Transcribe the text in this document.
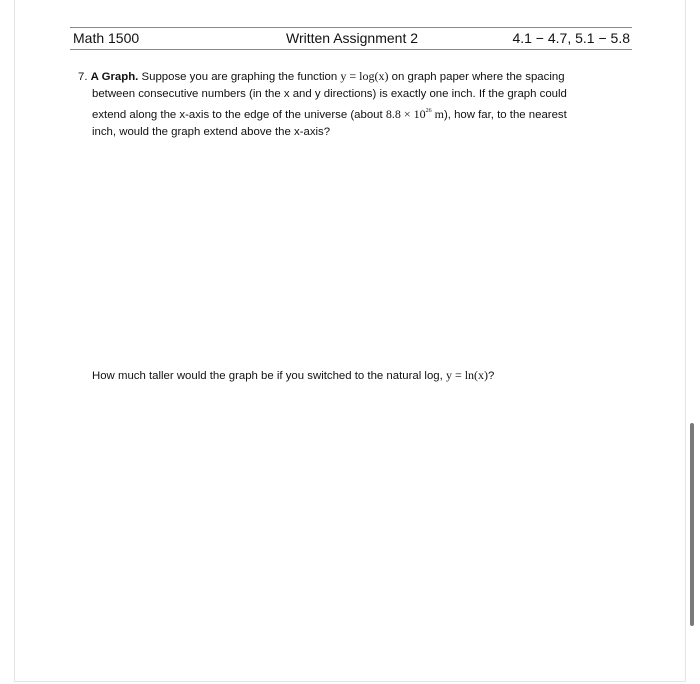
Math 1500	Written Assignment 2	4.1 − 4.7, 5.1 − 5.8
7. A Graph. Suppose you are graphing the function y = log(x) on graph paper where the spacing
between consecutive numbers (in the x and y directions) is exactly one inch. If the graph could
extend along the x-axis to the edge of the universe (about $8.8 \times 10^{26}$ m), how far, to the nearest
inch, would the graph extend above the x-axis?
How much taller would the graph be if you switched to the natural log, y = ln(x)?
